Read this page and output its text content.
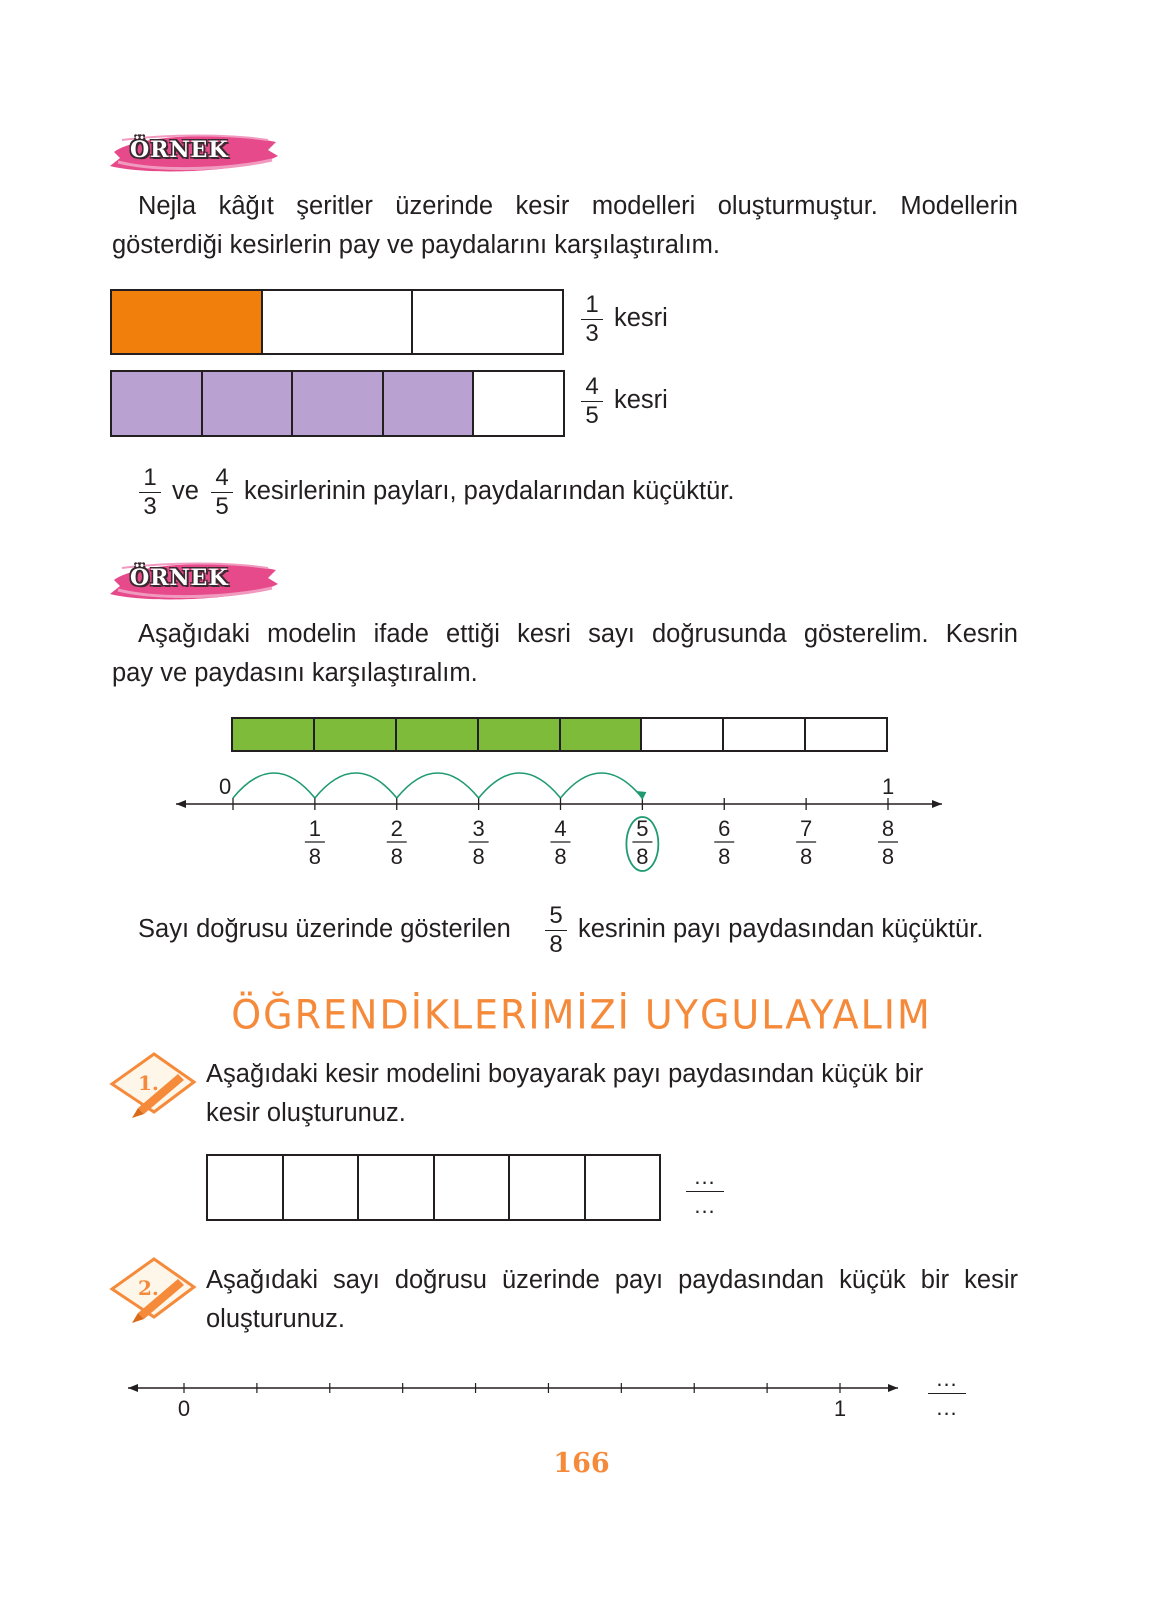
ÖRNEK
Nejla kâğıt şeritler üzerinde kesir modelleri oluşturmuştur. Modellerin
gösterdiği kesirlerin pay ve paydalarını karşılaştıralım.
$\frac{1}{3}$ kesri
$\frac{4}{5}$ kesri
$\frac{1}{3}$ ve $\frac{4}{5}$ kesirlerinin payları, paydalarından küçüktür.
ÖRNEK
Aşağıdaki modelin ifade ettiği kesri sayı doğrusunda gösterelim. Kesrin
pay ve paydasını karşılaştıralım.
0	1
1
8
2
8
3
8
4
8
5
8
6
8
7
8
8
8
Sayı doğrusu üzerinde gösterilen $\frac{5}{8}$ kesrinin payı paydasından küçüktür.
ÖĞRENDİKLERİMİZİ UYGULAYALIM
1. Aşağıdaki kesir modelini boyayarak payı paydasından küçük bir
kesir oluşturunuz.
...
...
2. Aşağıdaki sayı doğrusu üzerinde payı paydasından küçük bir kesir
oluşturunuz.
0	1
...
...
166
